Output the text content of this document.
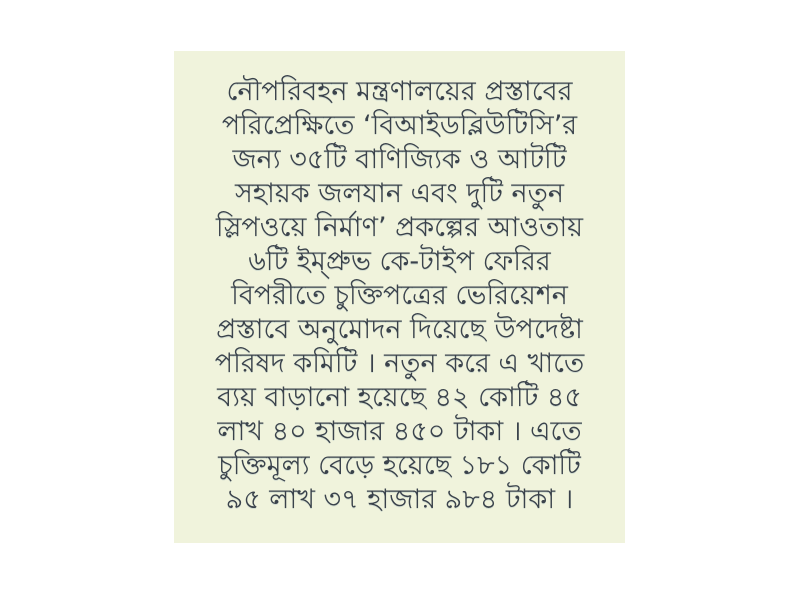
নৌপরিবহন মন্ত্রণালয়ের প্রস্তাবের
পরিপ্রেক্ষিতে ‘বিআইডব্লিউটিসি’র
জন্য ৩৫টি বাণিজ্যিক ও আটটি
সহায়ক জলযান এবং দুটি নতুন
স্লিপওয়ে নির্মাণ’ প্রকল্পের আওতায়
৬টি ইম্প্রুভ কে-টাইপ ফেরির
বিপরীতে চুক্তিপত্রের ভেরিয়েশন
প্রস্তাবে অনুমোদন দিয়েছে উপদেষ্টা
পরিষদ কমিটি । নতুন করে এ খাতে
ব্যয় বাড়ানো হয়েছে ৪২ কোটি ৪৫
লাখ ৪০ হাজার ৪৫০ টাকা । এতে
চুক্তিমূল্য বেড়ে হয়েছে ১৮১ কোটি
৯৫ লাখ ৩৭ হাজার ৯৮৪ টাকা ।
